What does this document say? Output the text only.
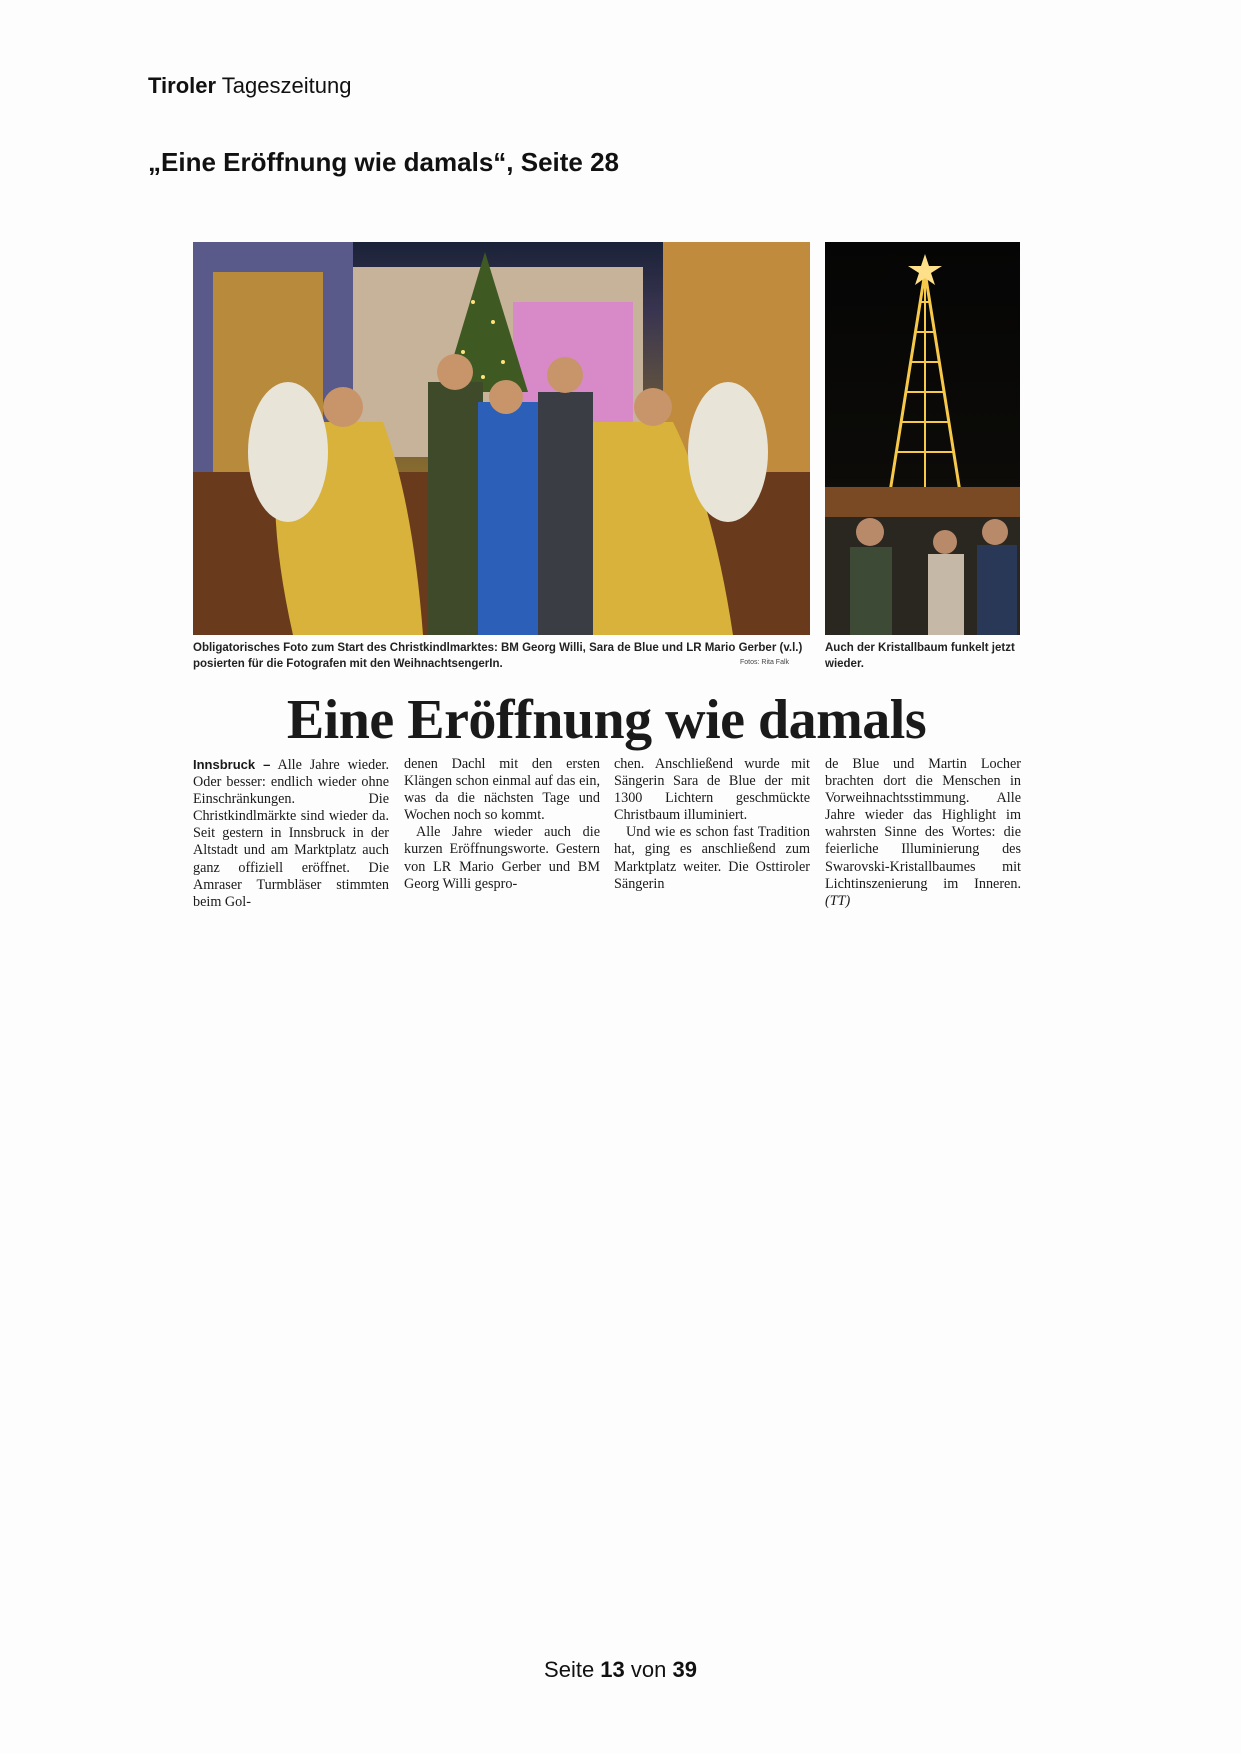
Tiroler Tageszeitung
„Eine Eröffnung wie damals“, Seite 28
Obligatorisches Foto zum Start des Christkindlmarktes: BM Georg Willi, Sara de Blue und LR Mario Gerber (v.l.) posierten für die Fotografen mit den WeihnachtsengerIn.	Fotos: Rita Falk
Auch der Kristallbaum funkelt jetzt wieder.
Eine Eröffnung wie damals

Innsbruck – Alle Jahre wieder. Oder besser: endlich wieder ohne Einschränkungen. Die Christkindlmärkte sind wieder da. Seit gestern in Innsbruck in der Altstadt und am Marktplatz auch ganz offiziell eröffnet. Die Amraser Turmbläser stimmten beim Gol-

denen Dachl mit den ersten Klängen schon einmal auf das ein, was da die nächsten Tage und Wochen noch so kommt.

Alle Jahre wieder auch die kurzen Eröffnungsworte. Gestern von LR Mario Gerber und BM Georg Willi gespro-

chen. Anschließend wurde mit Sängerin Sara de Blue der mit 1300 Lichtern geschmückte Christbaum illuminiert.

Und wie es schon fast Tradition hat, ging es anschließend zum Marktplatz weiter. Die Osttiroler Sängerin

de Blue und Martin Locher brachten dort die Menschen in Vorweihnachtsstimmung. Alle Jahre wieder das Highlight im wahrsten Sinne des Wortes: die feierliche Illuminierung des Swarovski-Kristallbaumes mit Lichtinszenierung im Inneren. (TT)

Seite 13 von 39
